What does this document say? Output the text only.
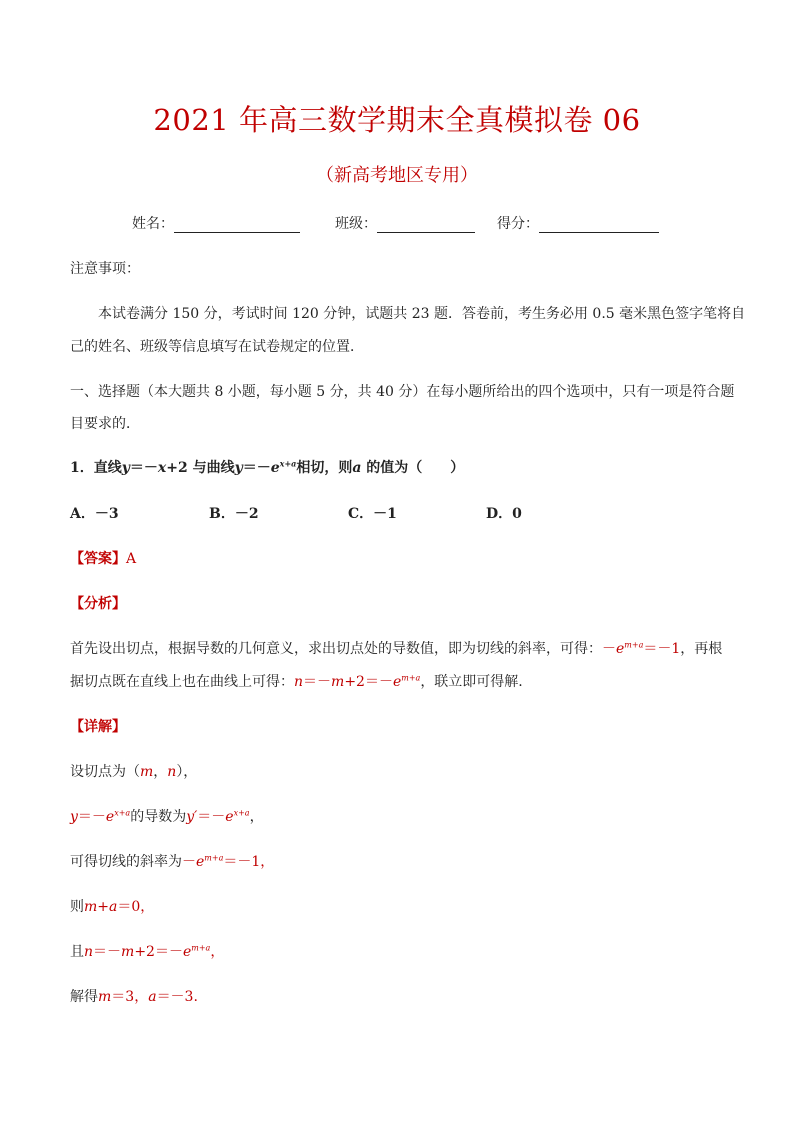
2021 年高三数学期末全真模拟卷 06
（新高考地区专用）
姓名：	班级：	得分：
注意事项：
本试卷满分 150 分，考试时间 120 分钟，试题共 23 题．答卷前，考生务必用 0.5 毫米黑色签字笔将自
己的姓名、班级等信息填写在试卷规定的位置．
一、选择题（本大题共 8 小题，每小题 5 分，共 40 分）在每小题所给出的四个选项中，只有一项是符合题
目要求的．
1．直线y＝－x+2 与曲线$y=-e^{x+a}$相切，则a 的值为（　　）
A．－3	B．－2	C．－1	D．0
【答案】A
【分析】
首先设出切点，根据导数的几何意义，求出切点处的导数值，即为切线的斜率，可得：$-e^{m+a}=-1$，再根
据切点既在直线上也在曲线上可得：$n=-m+2=-e^{m+a}$，联立即可得解.
【详解】
设切点为（m，n），
$y=-e^{x+a}$的导数为$y'=-e^{x+a}$，
可得切线的斜率为$-e^{m+a}=-1$，
则m+a＝0，
且$n=-m+2=-e^{m+a}$，
解得m＝3，a＝－3.
